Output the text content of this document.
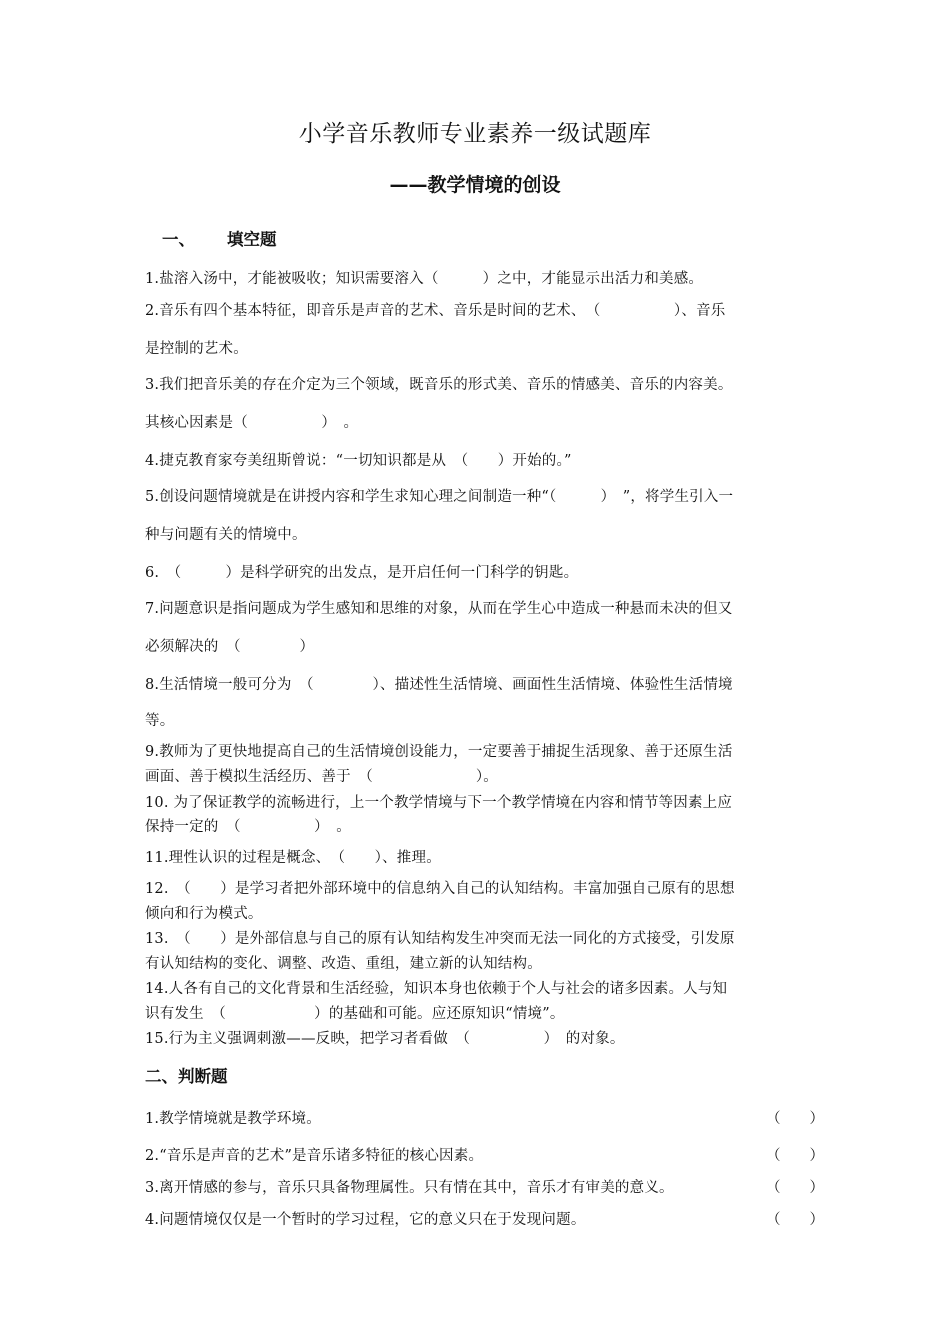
小学音乐教师专业素养一级试题库
——教学情境的创设
一、 填空题
1.盐溶入汤中，才能被吸收；知识需要溶入（　　　）之中，才能显示出活力和美感。
2.音乐有四个基本特征，即音乐是声音的艺术、音乐是时间的艺术、　（　　　　　）、音乐
是控制的艺术。
3.我们把音乐美的存在介定为三个领域，既音乐的形式美、音乐的情感美、音乐的内容美。
其核心因素是（　　　　　）　。
4.捷克教育家夸美纽斯曾说：“一切知识都是从　（　　）开始的。”
5.创设问题情境就是在讲授内容和学生求知心理之间制造一种“（　　　）　”，将学生引入一
种与问题有关的情境中。
6.　（　　　）是科学研究的出发点，是开启任何一门科学的钥匙。
7.问题意识是指问题成为学生感知和思维的对象，从而在学生心中造成一种悬而未决的但又
必须解决的　（　　　　）
8.生活情境一般可分为　（　　　　）、描述性生活情境、画面性生活情境、体验性生活情境
等。
9.教师为了更快地提高自己的生活情境创设能力，一定要善于捕捉生活现象、善于还原生活
画面、善于模拟生活经历、善于　（　　　　　　　）。
10. 为了保证教学的流畅进行，上一个教学情境与下一个教学情境在内容和情节等因素上应
保持一定的　（　　　　　）　。
11.理性认识的过程是概念、　（　　）、推理。
12.　（　　）是学习者把外部环境中的信息纳入自己的认知结构。丰富加强自己原有的思想
倾向和行为模式。
13.　（　　）是外部信息与自己的原有认知结构发生冲突而无法一同化的方式接受，引发原
有认知结构的变化、调整、改造、重组，建立新的认知结构。
14.人各有自己的文化背景和生活经验，知识本身也依赖于个人与社会的诸多因素。人与知
识有发生　（　　　　　　）的基础和可能。应还原知识“情境”。
15.行为主义强调刺激——反映，把学习者看做　（　　　　　）　的对象。
二、判断题
1.教学情境就是教学环境。	（　　）
2.“音乐是声音的艺术”是音乐诸多特征的核心因素。	（　　）
3.离开情感的参与，音乐只具备物理属性。只有情在其中，音乐才有审美的意义。	（　　）
4.问题情境仅仅是一个暂时的学习过程，它的意义只在于发现问题。	（　　）
